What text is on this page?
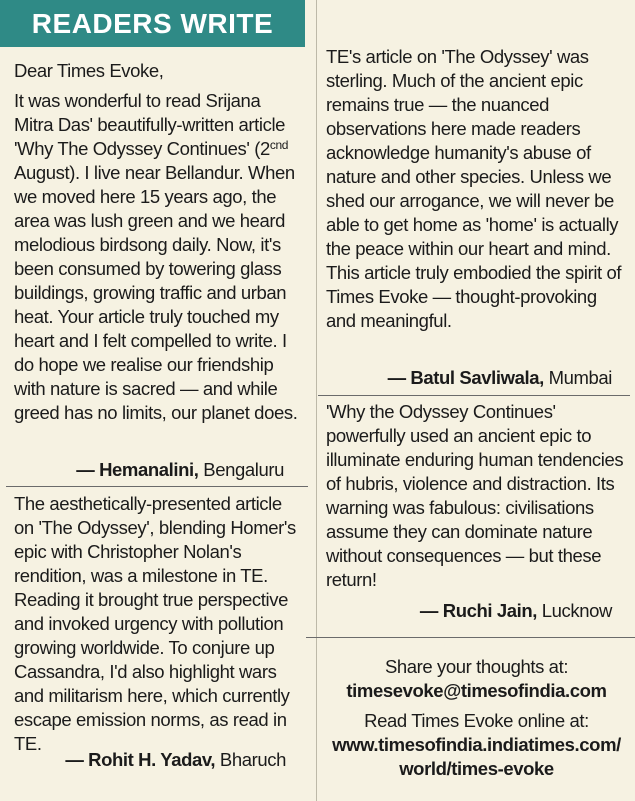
READERS WRITE

Dear Times Evoke,

It was wonderful to read Srijana Mitra Das' beautifully-written article 'Why The Odyssey Continues' ($2^{cnd}$ August). I live near Bellandur. When we moved here 15 years ago, the area was lush green and we heard melodious birdsong daily. Now, it's been consumed by towering glass buildings, growing traffic and urban heat. Your article truly touched my heart and I felt compelled to write. I do hope we realise our friendship with nature is sacred — and while greed has no limits, our planet does.

— Hemanalini, Bengaluru

The aesthetically-presented article on 'The Odyssey', blending Homer's epic with Christopher Nolan's rendition, was a milestone in TE. Reading it brought true perspective and invoked urgency with pollution growing worldwide. To conjure up Cassandra, I'd also highlight wars and militarism here, which currently escape emission norms, as read in TE.

— Rohit H. Yadav, Bharuch

TE's article on 'The Odyssey' was sterling. Much of the ancient epic remains true — the nuanced observations here made readers acknowledge humanity's abuse of nature and other species. Unless we shed our arrogance, we will never be able to get home as 'home' is actually the peace within our heart and mind. This article truly embodied the spirit of Times Evoke — thought-provoking and meaningful.

— Batul Savliwala, Mumbai

'Why the Odyssey Continues' powerfully used an ancient epic to illuminate enduring human tendencies of hubris, violence and distraction. Its warning was fabulous: civilisations assume they can dominate nature without consequences — but these return!

— Ruchi Jain, Lucknow
Share your thoughts at:
timesevoke@timesofindia.com
Read Times Evoke online at:
www.timesofindia.indiatimes.com/
world/times-evoke
